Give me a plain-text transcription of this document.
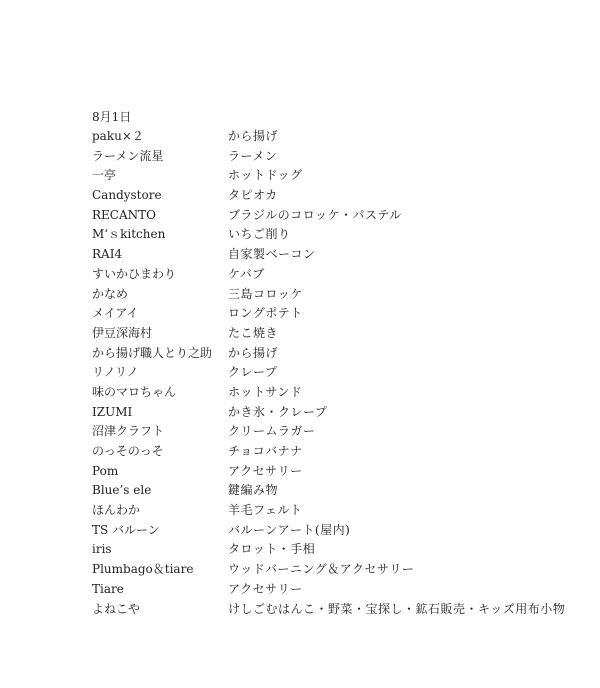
8月1日
paku×２	から揚げ
ラーメン流星	ラーメン
一亭	ホットドッグ
Candystore	タピオカ
RECANTO	ブラジルのコロッケ・パステル
M‘ｓkitchen	いちご削り
RAI4	自家製ベーコン
すいかひまわり	ケバブ
かなめ	三島コロッケ
メイアイ	ロングポテト
伊豆深海村	たこ焼き
から揚げ職人とり之助	から揚げ
リノリノ	クレープ
味のマロちゃん	ホットサンド
IZUMI	かき氷・クレープ
沼津クラフト	クリームラガー
のっそのっそ	チョコバナナ
Pom	アクセサリー
Blue’s ele	鍵編み物
ほんわか	羊毛フェルト
TS バルーン	バルーンアート(屋内)
iris	タロット・手相
Plumbago＆tiare	ウッドバーニング＆アクセサリー
Tiare	アクセサリー
よねこや	けしごむはんこ・野菜・宝探し・鉱石販売・キッズ用布小物
